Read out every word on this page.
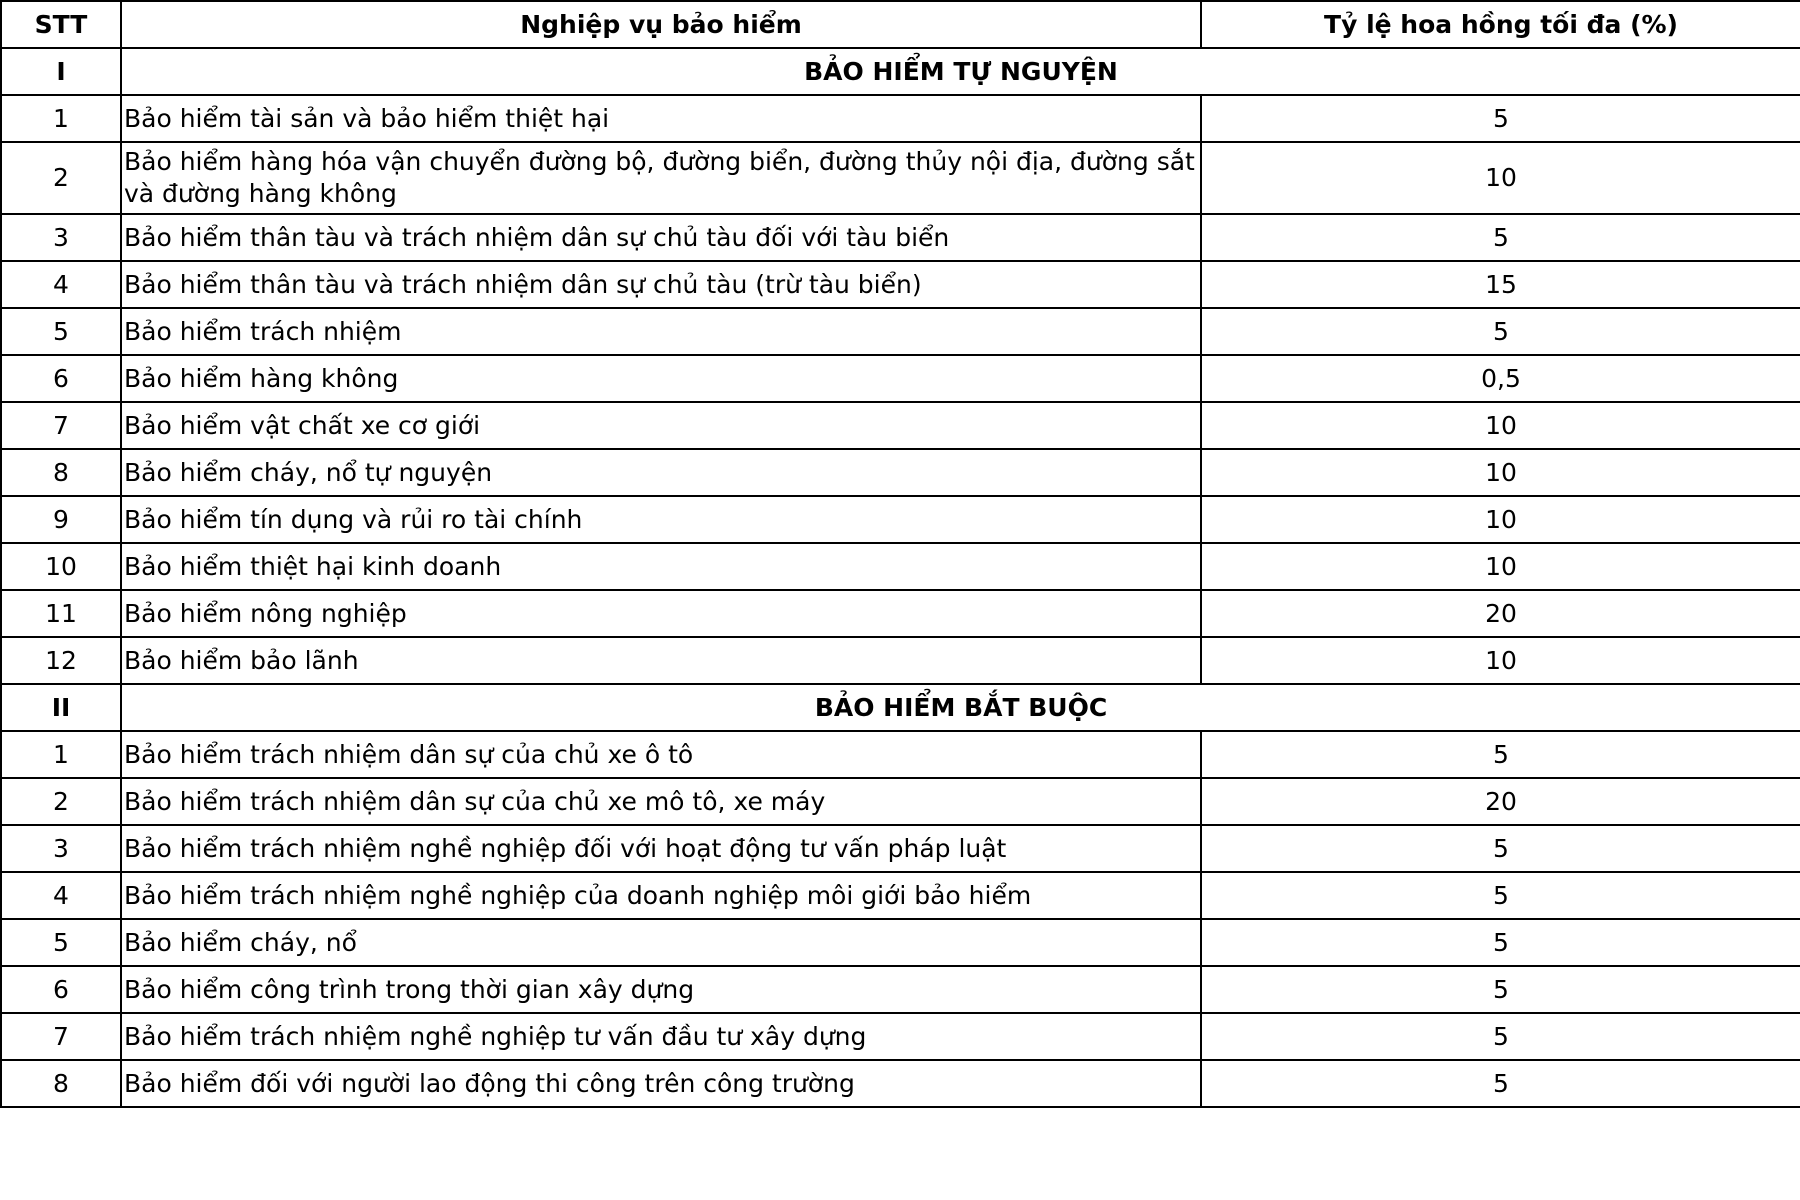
STT	Nghiệp vụ bảo hiểm	Tỷ lệ hoa hồng tối đa (%)
I	BẢO HIỂM TỰ NGUYỆN	
1	Bảo hiểm tài sản và bảo hiểm thiệt hại	5
2	Bảo hiểm hàng hóa vận chuyển đường bộ, đường biển, đường thủy nội địa, đường sắt và đường hàng không	10
3	Bảo hiểm thân tàu và trách nhiệm dân sự chủ tàu đối với tàu biển	5
4	Bảo hiểm thân tàu và trách nhiệm dân sự chủ tàu (trừ tàu biển)	15
5	Bảo hiểm trách nhiệm	5
6	Bảo hiểm hàng không	0,5
7	Bảo hiểm vật chất xe cơ giới	10
8	Bảo hiểm cháy, nổ tự nguyện	10
9	Bảo hiểm tín dụng và rủi ro tài chính	10
10	Bảo hiểm thiệt hại kinh doanh	10
11	Bảo hiểm nông nghiệp	20
12	Bảo hiểm bảo lãnh	10
II	BẢO HIỂM BẮT BUỘC	
1	Bảo hiểm trách nhiệm dân sự của chủ xe ô tô	5
2	Bảo hiểm trách nhiệm dân sự của chủ xe mô tô, xe máy	20
3	Bảo hiểm trách nhiệm nghề nghiệp đối với hoạt động tư vấn pháp luật	5
4	Bảo hiểm trách nhiệm nghề nghiệp của doanh nghiệp môi giới bảo hiểm	5
5	Bảo hiểm cháy, nổ	5
6	Bảo hiểm công trình trong thời gian xây dựng	5
7	Bảo hiểm trách nhiệm nghề nghiệp tư vấn đầu tư xây dựng	5
8	Bảo hiểm đối với người lao động thi công trên công trường	5
